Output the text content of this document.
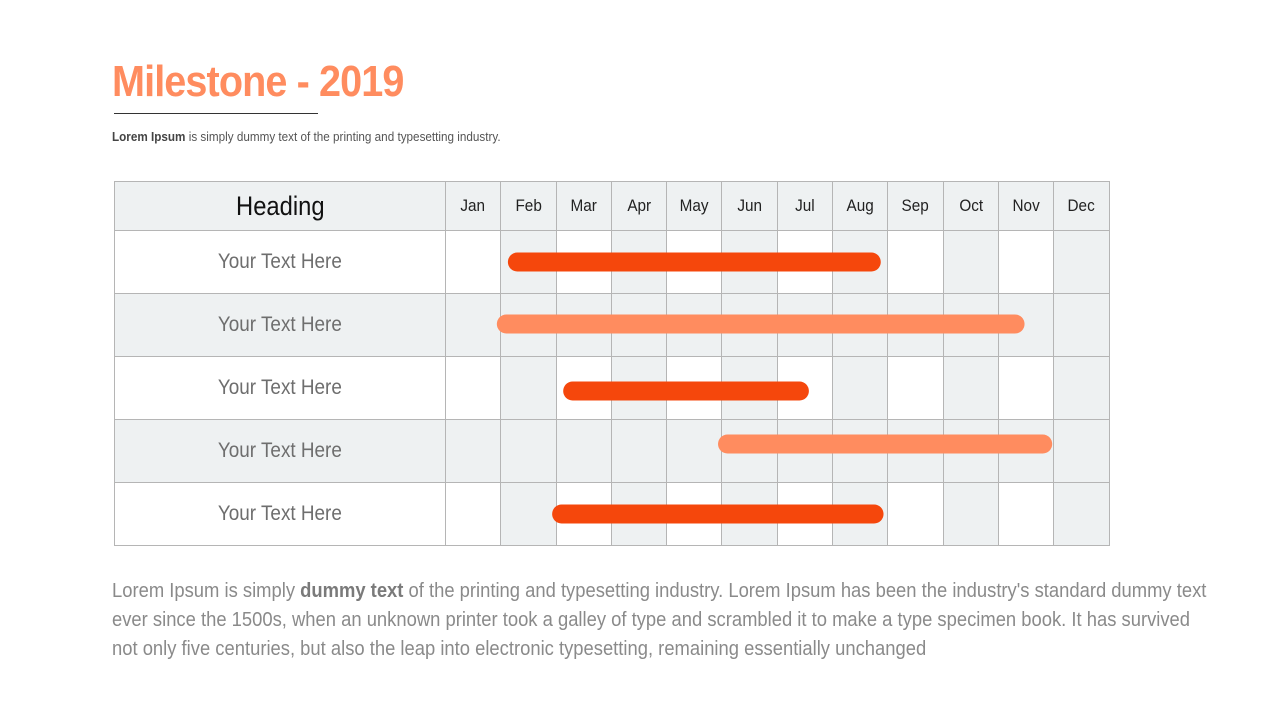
Milestone - 2019
Lorem Ipsum is simply dummy text of the printing and typesetting industry.
Heading	Jan	Feb	Mar	Apr	May	Jun	Jul	Aug	Sep	Oct	Nov	Dec
Your Text Here												
Your Text Here												
Your Text Here												
Your Text Here												
Your Text Here												
Lorem Ipsum is simply dummy text of the printing and typesetting industry. Lorem Ipsum has been the industry's standard dummy text ever since the 1500s, when an unknown printer took a galley of type and scrambled it to make a type specimen book. It has survived not only five centuries, but also the leap into electronic typesetting, remaining essentially unchanged
